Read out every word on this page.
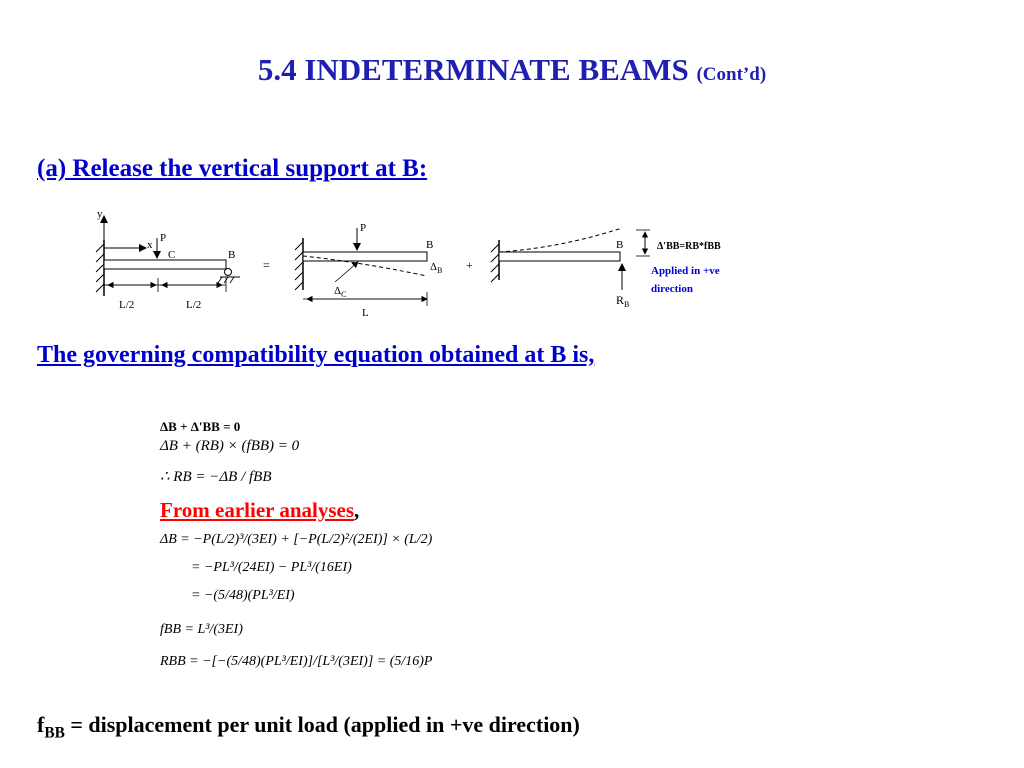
5.4 INDETERMINATE BEAMS (Cont’d)
(a) Release the vertical support at B:
y
x
P
C	B
L/2	L/2
=
P
B
$\Delta_B$
$\Delta_C$
L
+
B
$R_B$
Δ′BB=RB*fBB
Applied in +ve
direction
The governing compatibility equation obtained at B is,
ΔB + Δ'BB = 0
ΔB + (RB) × (fBB) = 0
∴ RB = −ΔB / fBB
From earlier analyses,
ΔB = −P(L/2)³/(3EI) + [−P(L/2)²/(2EI)] × (L/2)
= −PL³/(24EI) − PL³/(16EI)
= −(5/48)(PL³/EI)
fBB = L³/(3EI)
RBB = −[−(5/48)(PL³/EI)]/[L³/(3EI)] = (5/16)P
$f_{BB}$ = displacement per unit load (applied in +ve direction)
